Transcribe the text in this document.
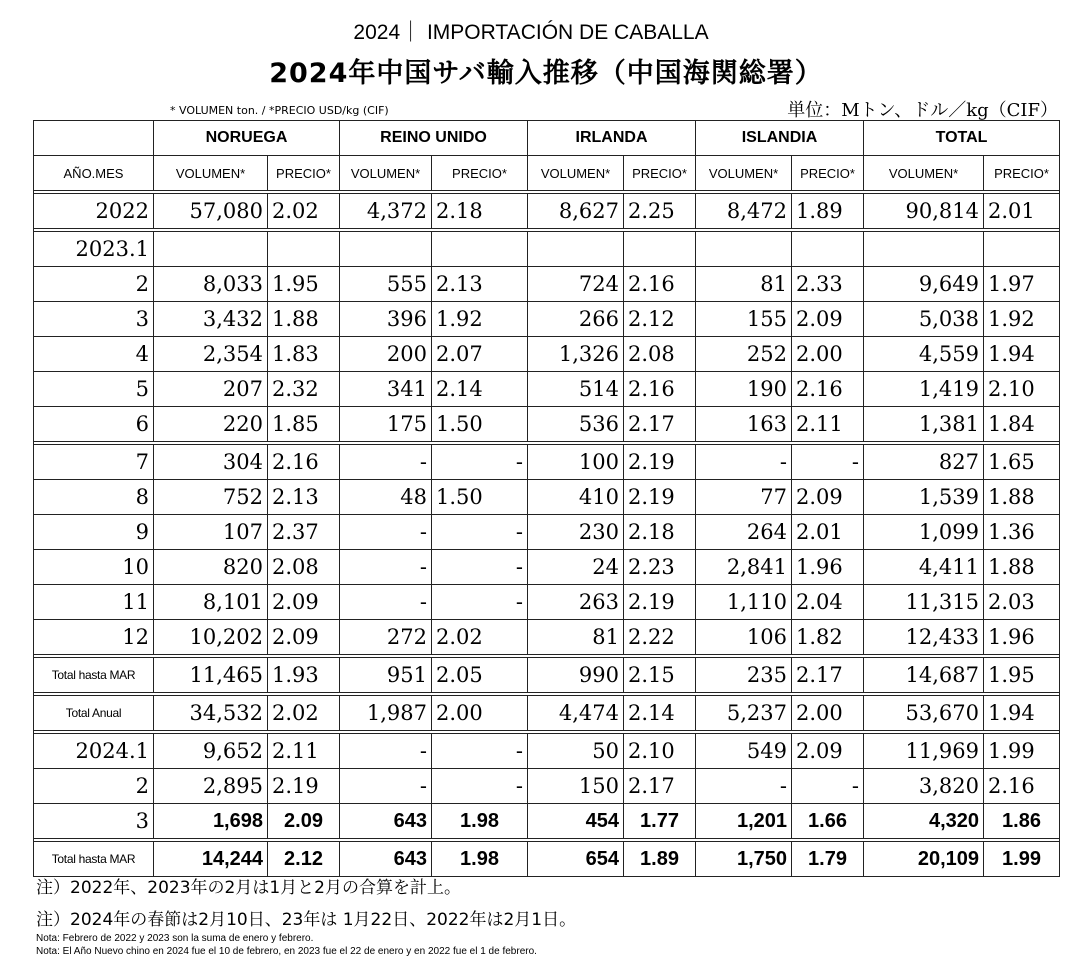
2024｜ IMPORTACIÓN DE CABALLA
2024年中国サバ輸入推移（中国海関総署）
* VOLUMEN ton. / *PRECIO USD/kg (CIF)	単位：Mトン、ドル／kg（CIF）
	NORUEGA		REINO UNIDO		IRLANDA		ISLANDIA		TOTAL	
AÑO.MES	VOLUMEN*	PRECIO*	VOLUMEN*	PRECIO*	VOLUMEN*	PRECIO*	VOLUMEN*	PRECIO*	VOLUMEN*	PRECIO*

2022	57,080	2.02	4,372	2.18	8,627	2.25	8,472	1.89	90,814	2.01

2023.1										
2	8,033	1.95	555	2.13	724	2.16	81	2.33	9,649	1.97
3	3,432	1.88	396	1.92	266	2.12	155	2.09	5,038	1.92
4	2,354	1.83	200	2.07	1,326	2.08	252	2.00	4,559	1.94
5	207	2.32	341	2.14	514	2.16	190	2.16	1,419	2.10
6	220	1.85	175	1.50	536	2.17	163	2.11	1,381	1.84

7	304	2.16	-	-	100	2.19	-	-	827	1.65
8	752	2.13	48	1.50	410	2.19	77	2.09	1,539	1.88
9	107	2.37	-	-	230	2.18	264	2.01	1,099	1.36
10	820	2.08	-	-	24	2.23	2,841	1.96	4,411	1.88
11	8,101	2.09	-	-	263	2.19	1,110	2.04	11,315	2.03
12	10,202	2.09	272	2.02	81	2.22	106	1.82	12,433	1.96

Total hasta MAR	11,465	1.93	951	2.05	990	2.15	235	2.17	14,687	1.95

Total Anual	34,532	2.02	1,987	2.00	4,474	2.14	5,237	2.00	53,670	1.94

2024.1	9,652	2.11	-	-	50	2.10	549	2.09	11,969	1.99
2	2,895	2.19	-	-	150	2.17	-	-	3,820	2.16
3	1,698	2.09	643	1.98	454	1.77	1,201	1.66	4,320	1.86

Total hasta MAR	14,244	2.12	643	1.98	654	1.89	1,750	1.79	20,109	1.99
注）2022年、2023年の2月は1月と2月の合算を計上。
注）2024年の春節は2月10日、23年は 1月22日、2022年は2月1日。
Nota: Febrero de 2022 y 2023 son la suma de enero y febrero.
Nota: El Año Nuevo chino en 2024 fue el 10 de febrero, en 2023 fue el 22 de enero y en 2022 fue el 1 de febrero.
